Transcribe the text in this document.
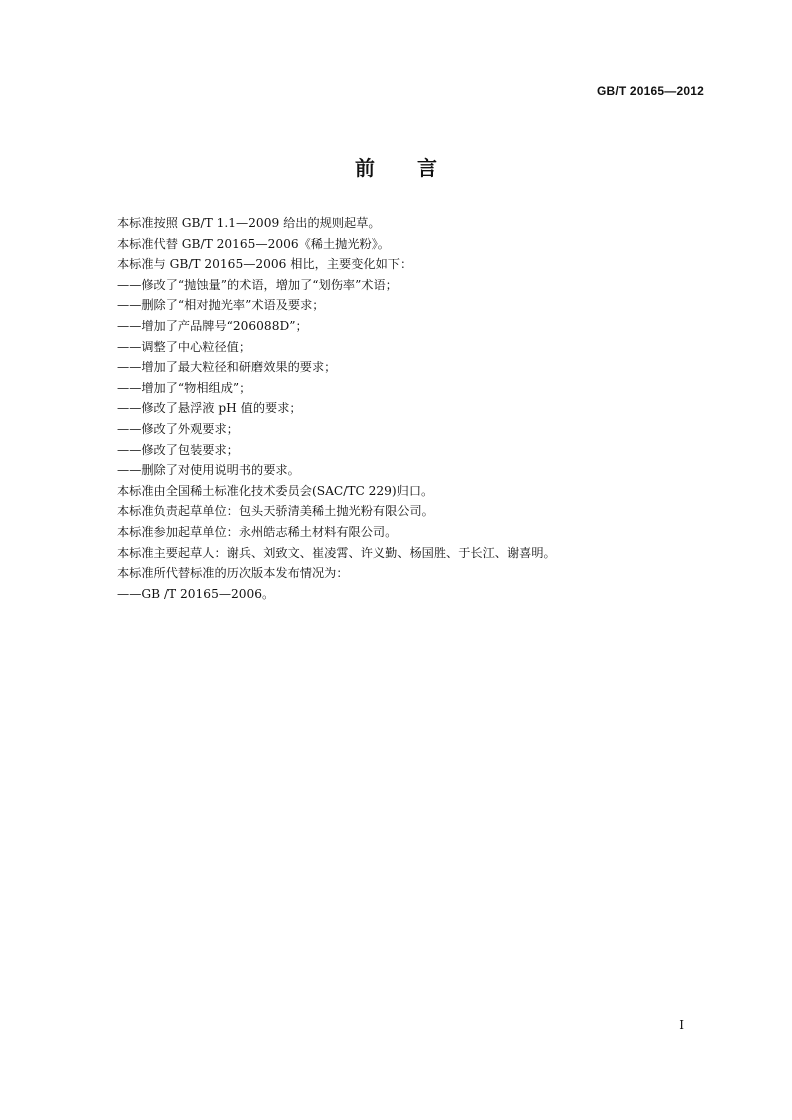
GB/T 20165—2012
前 言
本标准按照 GB/T 1.1—2009 给出的规则起草。
本标准代替 GB/T 20165—2006《稀土抛光粉》。
本标准与 GB/T 20165—2006 相比，主要变化如下：
——修改了“抛蚀量”的术语，增加了“划伤率”术语；
——删除了“相对抛光率”术语及要求；
——增加了产品牌号“206088D”；
——调整了中心粒径值；
——增加了最大粒径和研磨效果的要求；
——增加了“物相组成”；
——修改了悬浮液 pH 值的要求；
——修改了外观要求；
——修改了包装要求；
——删除了对使用说明书的要求。
本标准由全国稀土标准化技术委员会(SAC/TC 229)归口。
本标准负责起草单位：包头天骄清美稀土抛光粉有限公司。
本标准参加起草单位：永州皓志稀土材料有限公司。
本标准主要起草人：谢兵、刘致文、崔凌霄、许义勤、杨国胜、于长江、谢喜明。
本标准所代替标准的历次版本发布情况为：
——GB /T 20165—2006。
I
